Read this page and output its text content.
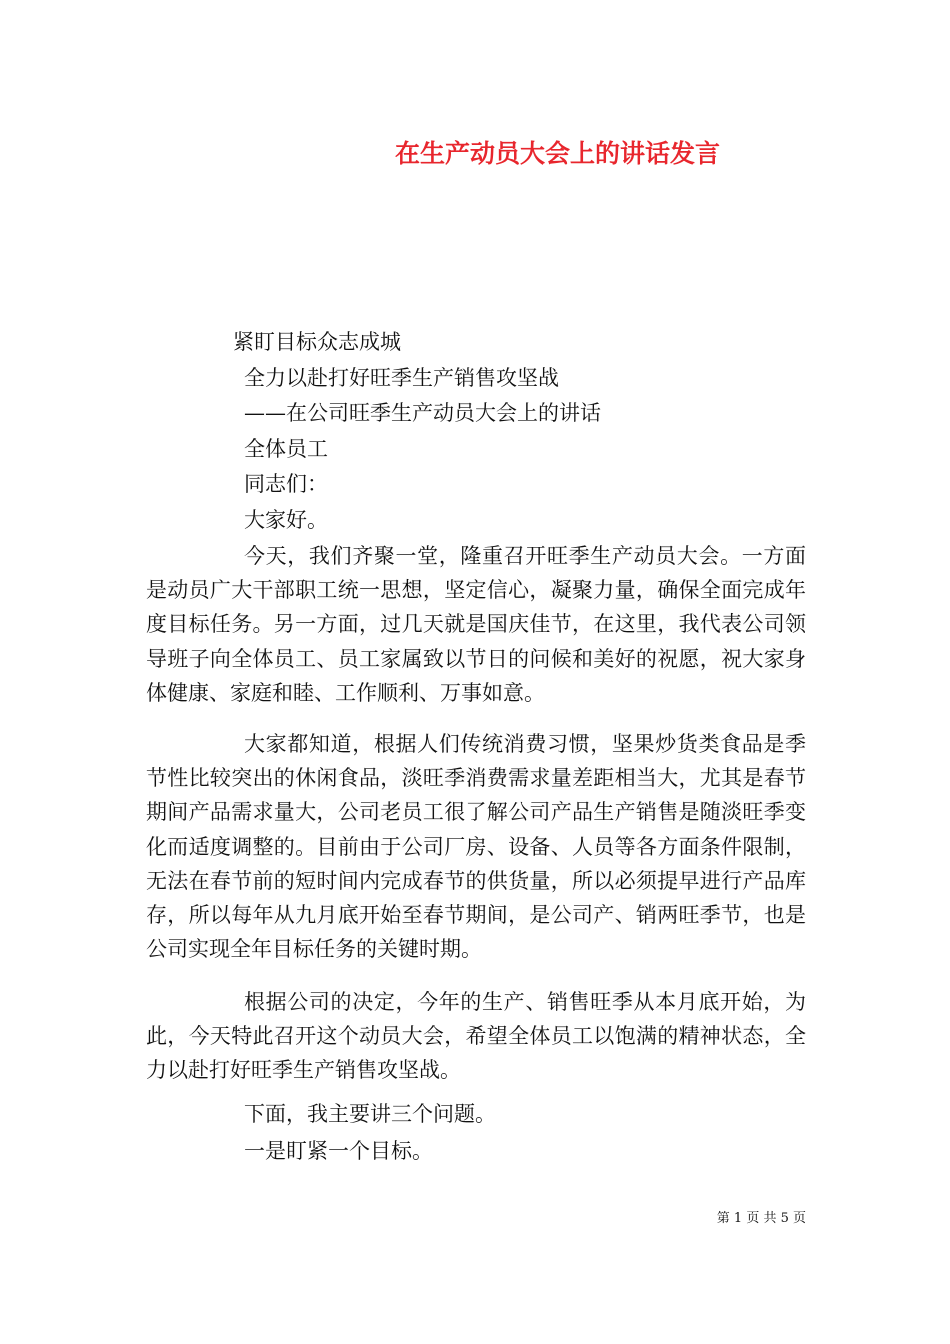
在生产动员大会上的讲话发言
紧盯目标众志成城
全力以赴打好旺季生产销售攻坚战
——在公司旺季生产动员大会上的讲话
全体员工
同志们：
大家好。

今天，我们齐聚一堂，隆重召开旺季生产动员大会。一方面是动员广大干部职工统一思想，坚定信心，凝聚力量，确保全面完成年度目标任务。另一方面，过几天就是国庆佳节，在这里，我代表公司领导班子向全体员工、员工家属致以节日的问候和美好的祝愿，祝大家身体健康、家庭和睦、工作顺利、万事如意。

大家都知道，根据人们传统消费习惯，坚果炒货类食品是季节性比较突出的休闲食品，淡旺季消费需求量差距相当大，尤其是春节期间产品需求量大，公司老员工很了解公司产品生产销售是随淡旺季变化而适度调整的。目前由于公司厂房、设备、人员等各方面条件限制，无法在春节前的短时间内完成春节的供货量，所以必须提早进行产品库存，所以每年从九月底开始至春节期间，是公司产、销两旺季节，也是公司实现全年目标任务的关键时期。

根据公司的决定，今年的生产、销售旺季从本月底开始，为此，今天特此召开这个动员大会，希望全体员工以饱满的精神状态，全力以赴打好旺季生产销售攻坚战。

下面，我主要讲三个问题。

一是盯紧一个目标。

第 1 页 共 5 页
